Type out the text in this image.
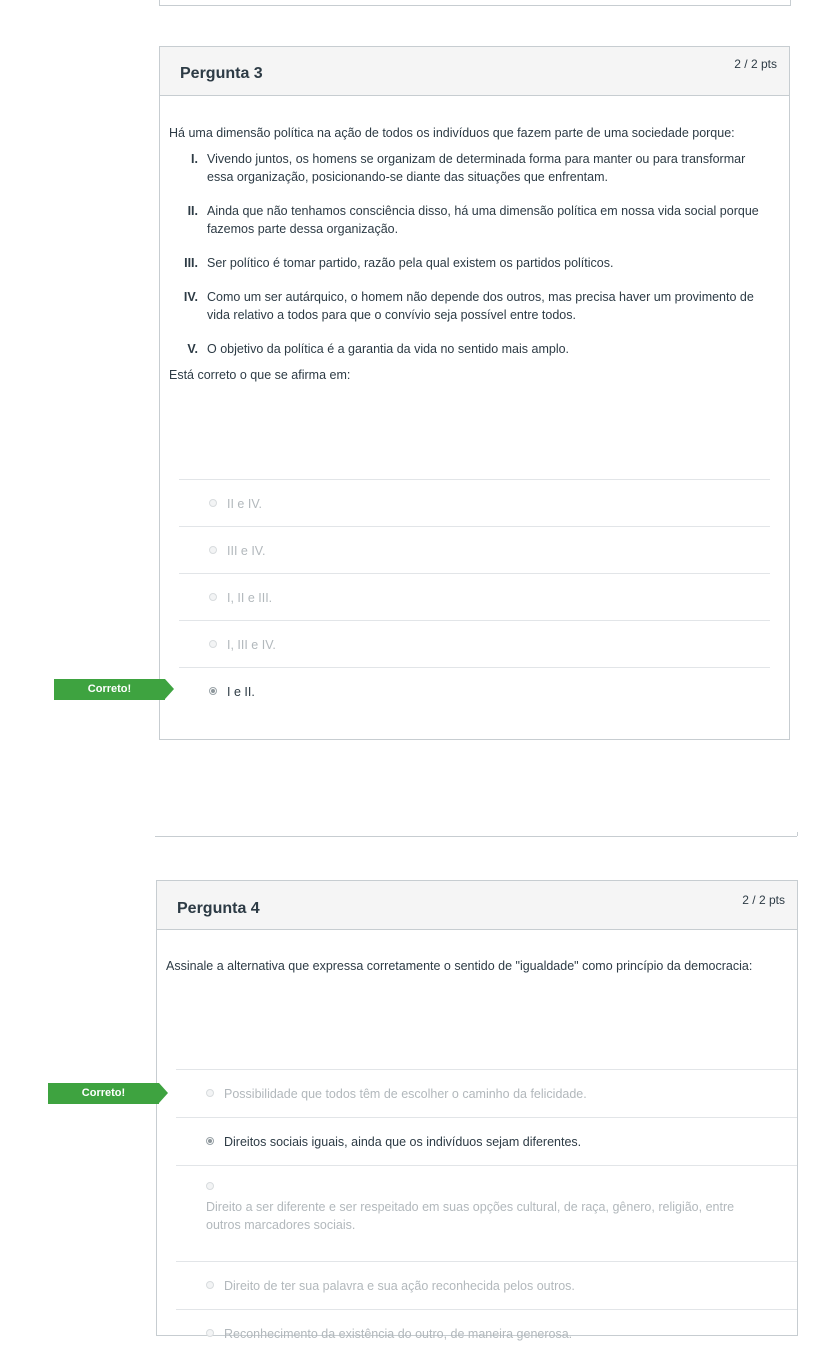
Pergunta 3
2 / 2 pts

Há uma dimensão política na ação de todos os indivíduos que fazem parte de uma sociedade porque:

I. Vivendo juntos, os homens se organizam de determinada forma para manter ou para transformar essa organização, posicionando-se diante das situações que enfrentam.
II. Ainda que não tenhamos consciência disso, há uma dimensão política em nossa vida social porque fazemos parte dessa organização.
III. Ser político é tomar partido, razão pela qual existem os partidos políticos.
IV. Como um ser autárquico, o homem não depende dos outros, mas precisa haver um provimento de vida relativo a todos para que o convívio seja possível entre todos.
V. O objetivo da política é a garantia da vida no sentido mais amplo.
Está correto o que se afirma em:
II e IV.
III e IV.
I, II e III.
I, III e IV.
I e II.
Correto!
Pergunta 4	2 / 2 pts

Assinale a alternativa que expressa corretamente o sentido de "igualdade" como princípio da democracia:

Possibilidade que todos têm de escolher o caminho da felicidade.
Direitos sociais iguais, ainda que os indivíduos sejam diferentes.
Direito a ser diferente e ser respeitado em suas opções cultural, de raça, gênero, religião, entre outros marcadores sociais.
Direito de ter sua palavra e sua ação reconhecida pelos outros.
Reconhecimento da existência do outro, de maneira generosa.
Correto!
